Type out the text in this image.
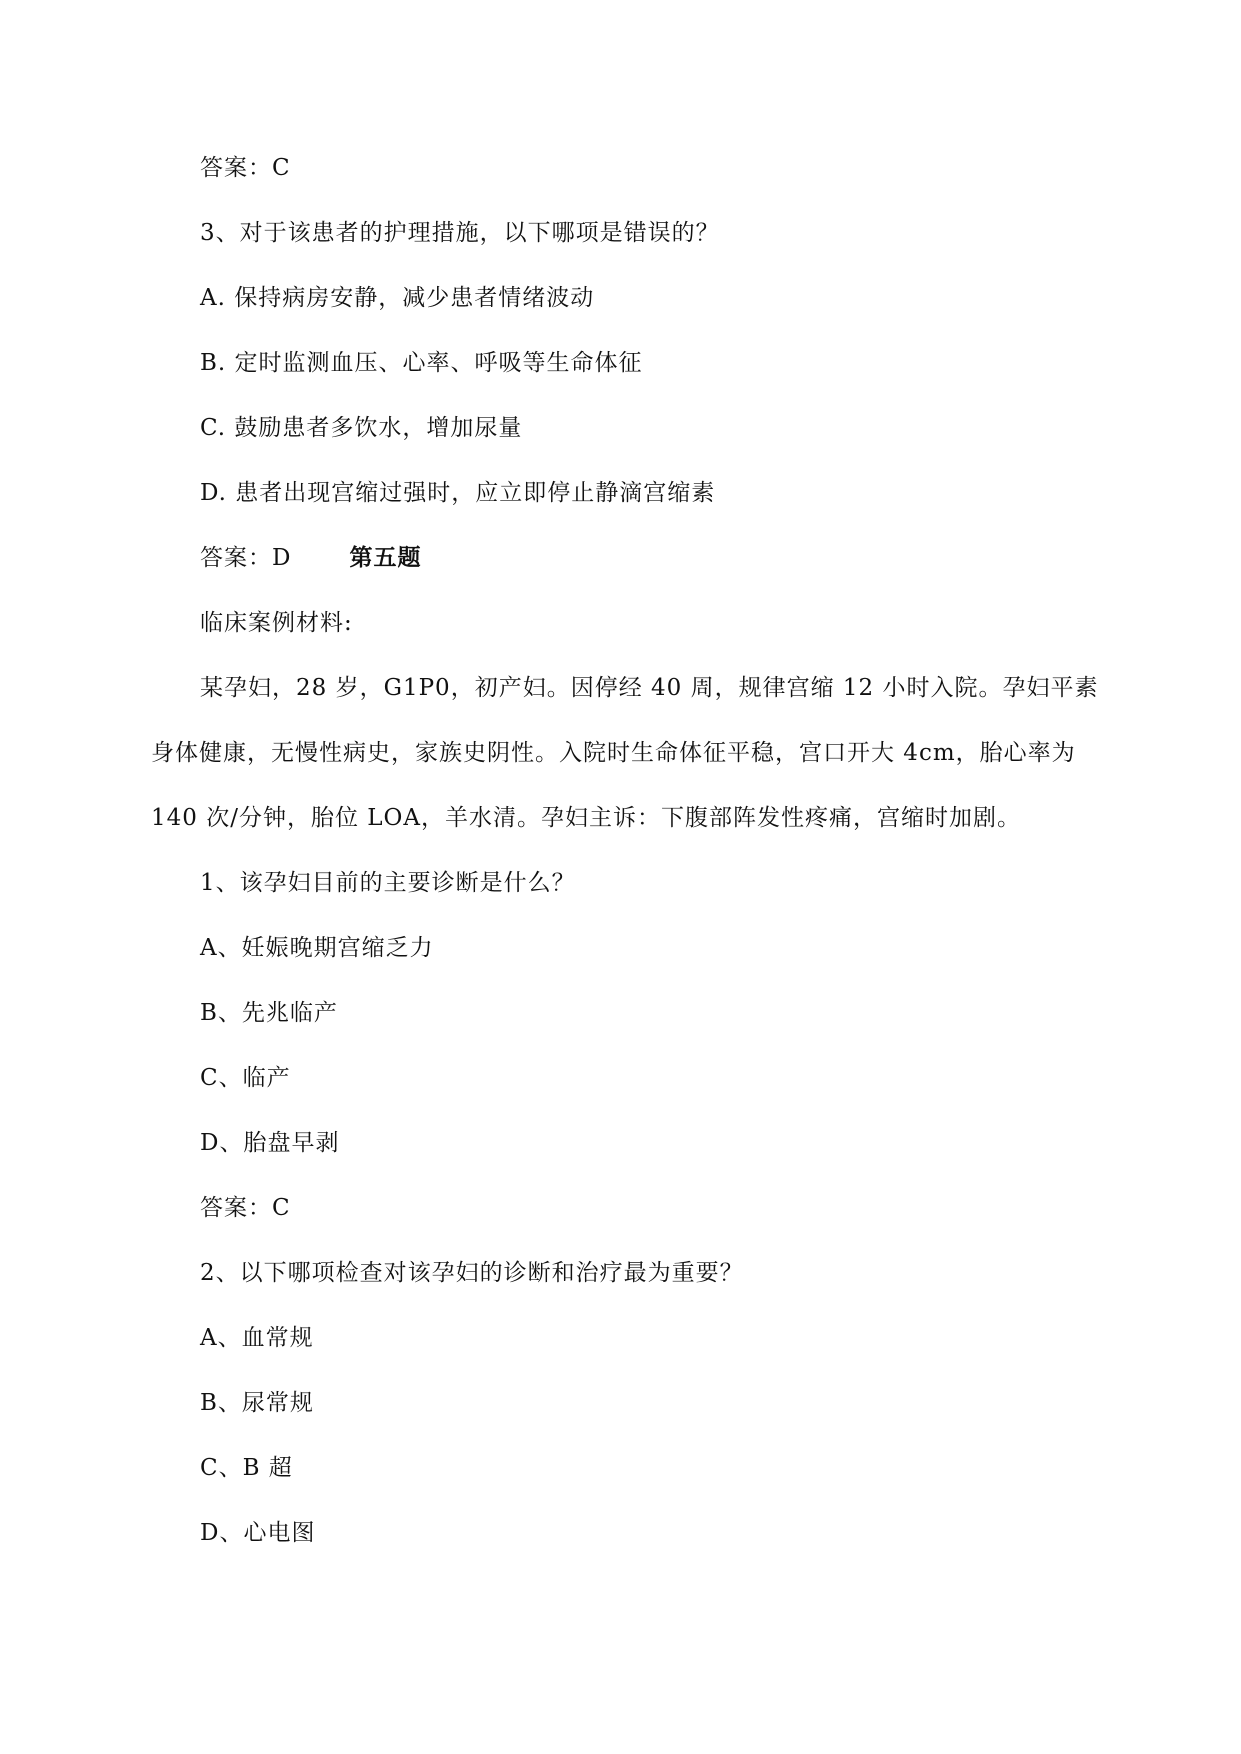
答案：C
3、对于该患者的护理措施，以下哪项是错误的？
A. 保持病房安静，减少患者情绪波动
B. 定时监测血压、心率、呼吸等生命体征
C. 鼓励患者多饮水，增加尿量
D. 患者出现宫缩过强时，应立即停止静滴宫缩素
答案：D	第五题
临床案例材料:
某孕妇，28 岁，G1P0，初产妇。因停经 40 周，规律宫缩 12 小时入院。孕妇平素
身体健康，无慢性病史，家族史阴性。入院时生命体征平稳，宫口开大 4cm，胎心率为
140 次/分钟，胎位 LOA，羊水清。孕妇主诉：下腹部阵发性疼痛，宫缩时加剧。
1、该孕妇目前的主要诊断是什么？
A、妊娠晚期宫缩乏力
B、先兆临产
C、临产
D、胎盘早剥
答案：C
2、以下哪项检查对该孕妇的诊断和治疗最为重要？
A、血常规
B、尿常规
C、B 超
D、心电图
